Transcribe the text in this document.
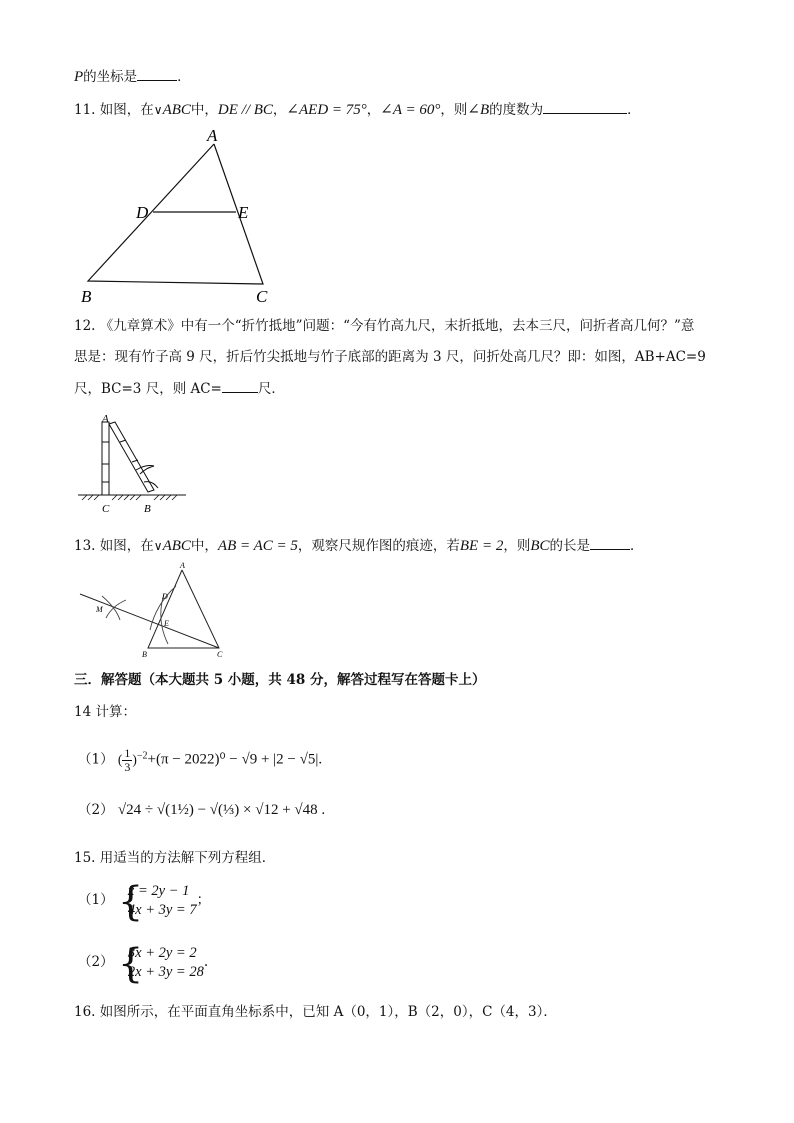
P的坐标是	．
11. 如图，在∨ABC中，DE // BC，∠AED = 75°，∠A = 60°，则∠B的度数为	．
A
D	E
B	C
12. 《九章算术》中有一个“折竹抵地”问题：“今有竹高九尺，末折抵地，去本三尺，问折者高几何？”意
思是：现有竹子高 9 尺，折后竹尖抵地与竹子底部的距离为 3 尺，问折处高几尺？即：如图，AB+AC=9
尺，BC=3 尺，则 AC=	尺．
A
C	B
13. 如图，在∨ABC中，AB = AC = 5，观察尺规作图的痕迹，若BE = 2，则BC的长是	．
A
D
M
E
B	C
三．解答题（本大题共 5 小题，共 48 分，解答过程写在答题卡上）
14 计算：
（1） ( $\frac{1}{3} )^{-2}+(\pi - 2022)^0 - √9 + |2 - √5|$.
（2） √24 ÷ √(1½) − √(⅓) × √12 + √48 .
15. 用适当的方法解下列方程组．
（1） {
x = 2y − 1
4x + 3y = 7
；
（2） {
3x + 2y = 2
2x + 3y = 28
.
16. 如图所示，在平面直角坐标系中，已知 A（0，1），B（2，0），C（4，3）．
